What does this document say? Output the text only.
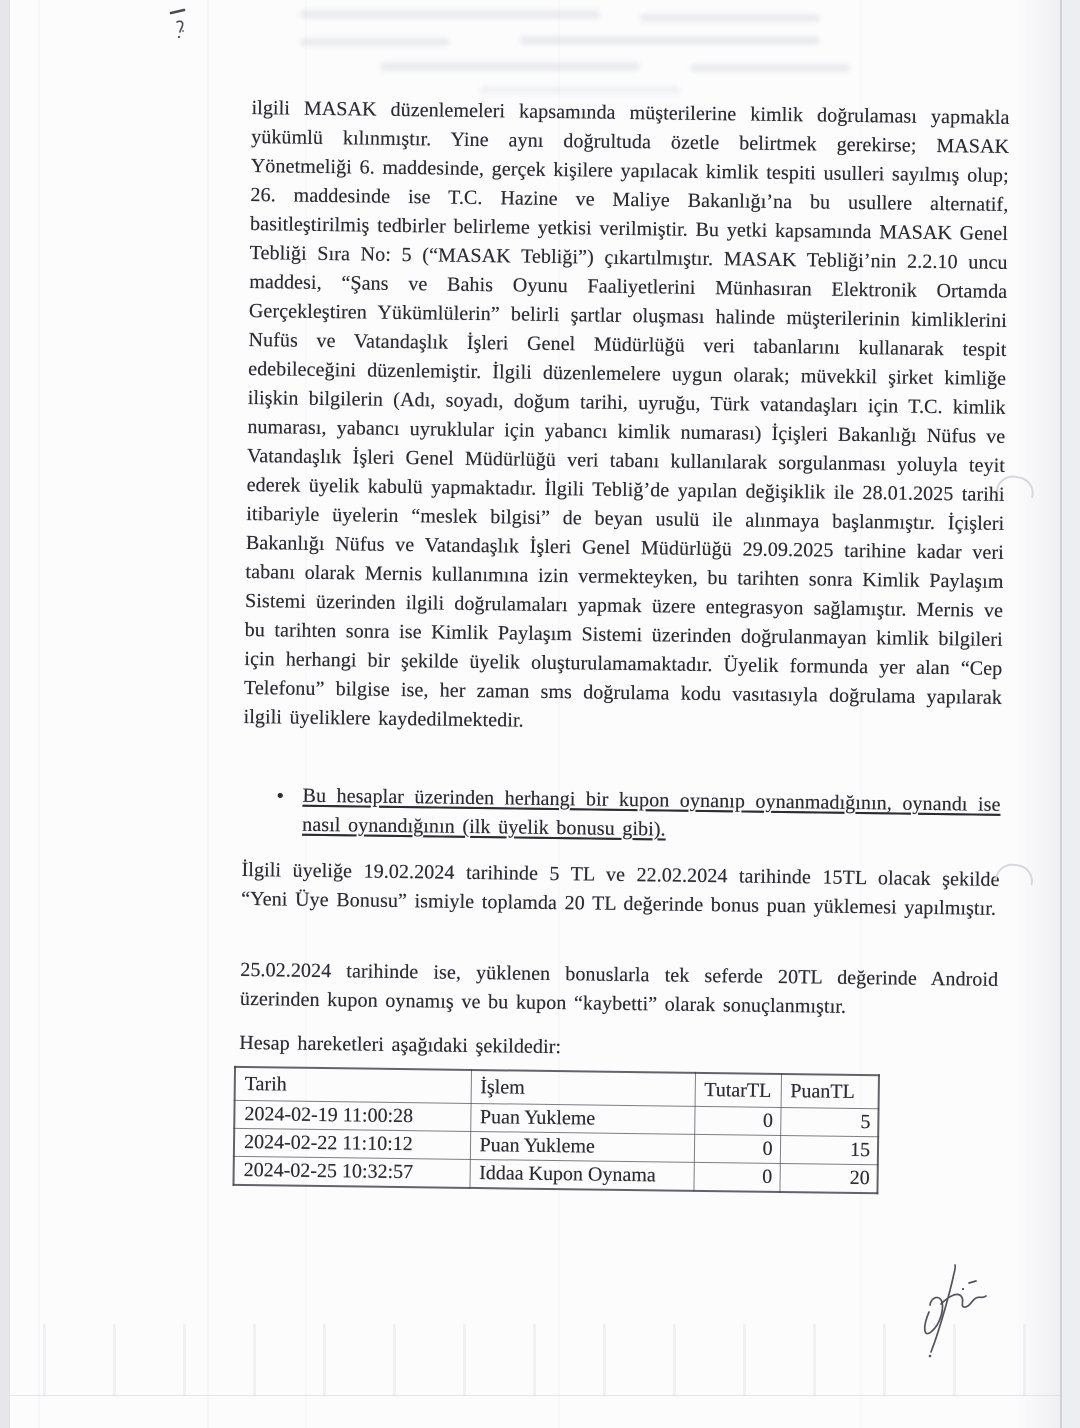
ilgili MASAK düzenlemeleri kapsamında müşterilerine kimlik doğrulaması yapmakla yükümlü kılınmıştır. Yine aynı doğrultuda özetle belirtmek gerekirse; MASAK Yönetmeliği 6. maddesinde, gerçek kişilere yapılacak kimlik tespiti usulleri sayılmış olup; 26. maddesinde ise T.C. Hazine ve Maliye Bakanlığı’na bu usullere alternatif, basitleştirilmiş tedbirler belirleme yetkisi verilmiştir. Bu yetki kapsamında MASAK Genel Tebliği Sıra No: 5 (“MASAK Tebliği”) çıkartılmıştır. MASAK Tebliği’nin 2.2.10 uncu maddesi, “Şans ve Bahis Oyunu Faaliyetlerini Münhasıran Elektronik Ortamda Gerçekleştiren Yükümlülerin” belirli şartlar oluşması halinde müşterilerinin kimliklerini Nufüs ve Vatandaşlık İşleri Genel Müdürlüğü veri tabanlarını kullanarak tespit edebileceğini düzenlemiştir. İlgili düzenlemelere uygun olarak; müvekkil şirket kimliğe ilişkin bilgilerin (Adı, soyadı, doğum tarihi, uyruğu, Türk vatandaşları için T.C. kimlik numarası, yabancı uyruklular için yabancı kimlik numarası) İçişleri Bakanlığı Nüfus ve Vatandaşlık İşleri Genel Müdürlüğü veri tabanı kullanılarak sorgulanması yoluyla teyit ederek üyelik kabulü yapmaktadır. İlgili Tebliğ’de yapılan değişiklik ile 28.01.2025 tarihi itibariyle üyelerin “meslek bilgisi” de beyan usulü ile alınmaya başlanmıştır. İçişleri Bakanlığı Nüfus ve Vatandaşlık İşleri Genel Müdürlüğü 29.09.2025 tarihine kadar veri tabanı olarak Mernis kullanımına izin vermekteyken, bu tarihten sonra Kimlik Paylaşım Sistemi üzerinden ilgili doğrulamaları yapmak üzere entegrasyon sağlamıştır. Mernis ve bu tarihten sonra ise Kimlik Paylaşım Sistemi üzerinden doğrulanmayan kimlik bilgileri için herhangi bir şekilde üyelik oluşturulamamaktadır. Üyelik formunda yer alan “Cep Telefonu” bilgise ise, her zaman sms doğrulama kodu vasıtasıyla doğrulama yapılarak ilgili üyeliklere kaydedilmektedir.

• Bu hesaplar üzerinden herhangi bir kupon oynanıp oynanmadığının, oynandı ise nasıl oynandığının (ilk üyelik bonusu gibi).

İlgili üyeliğe 19.02.2024 tarihinde 5 TL ve 22.02.2024 tarihinde 15TL olacak şekilde “Yeni Üye Bonusu” ismiyle toplamda 20 TL değerinde bonus puan yüklemesi yapılmıştır.

25.02.2024 tarihinde ise, yüklenen bonuslarla tek seferde 20TL değerinde Android üzerinden kupon oynamış ve bu kupon “kaybetti” olarak sonuçlanmıştır.

Hesap hareketleri aşağıdaki şekildedir:

Tarih	İşlem	TutarTL	PuanTL
2024-02-19 11:00:28	Puan Yukleme	0	5
2024-02-22 11:10:12	Puan Yukleme	0	15
2024-02-25 10:32:57	Iddaa Kupon Oynama	0	20
